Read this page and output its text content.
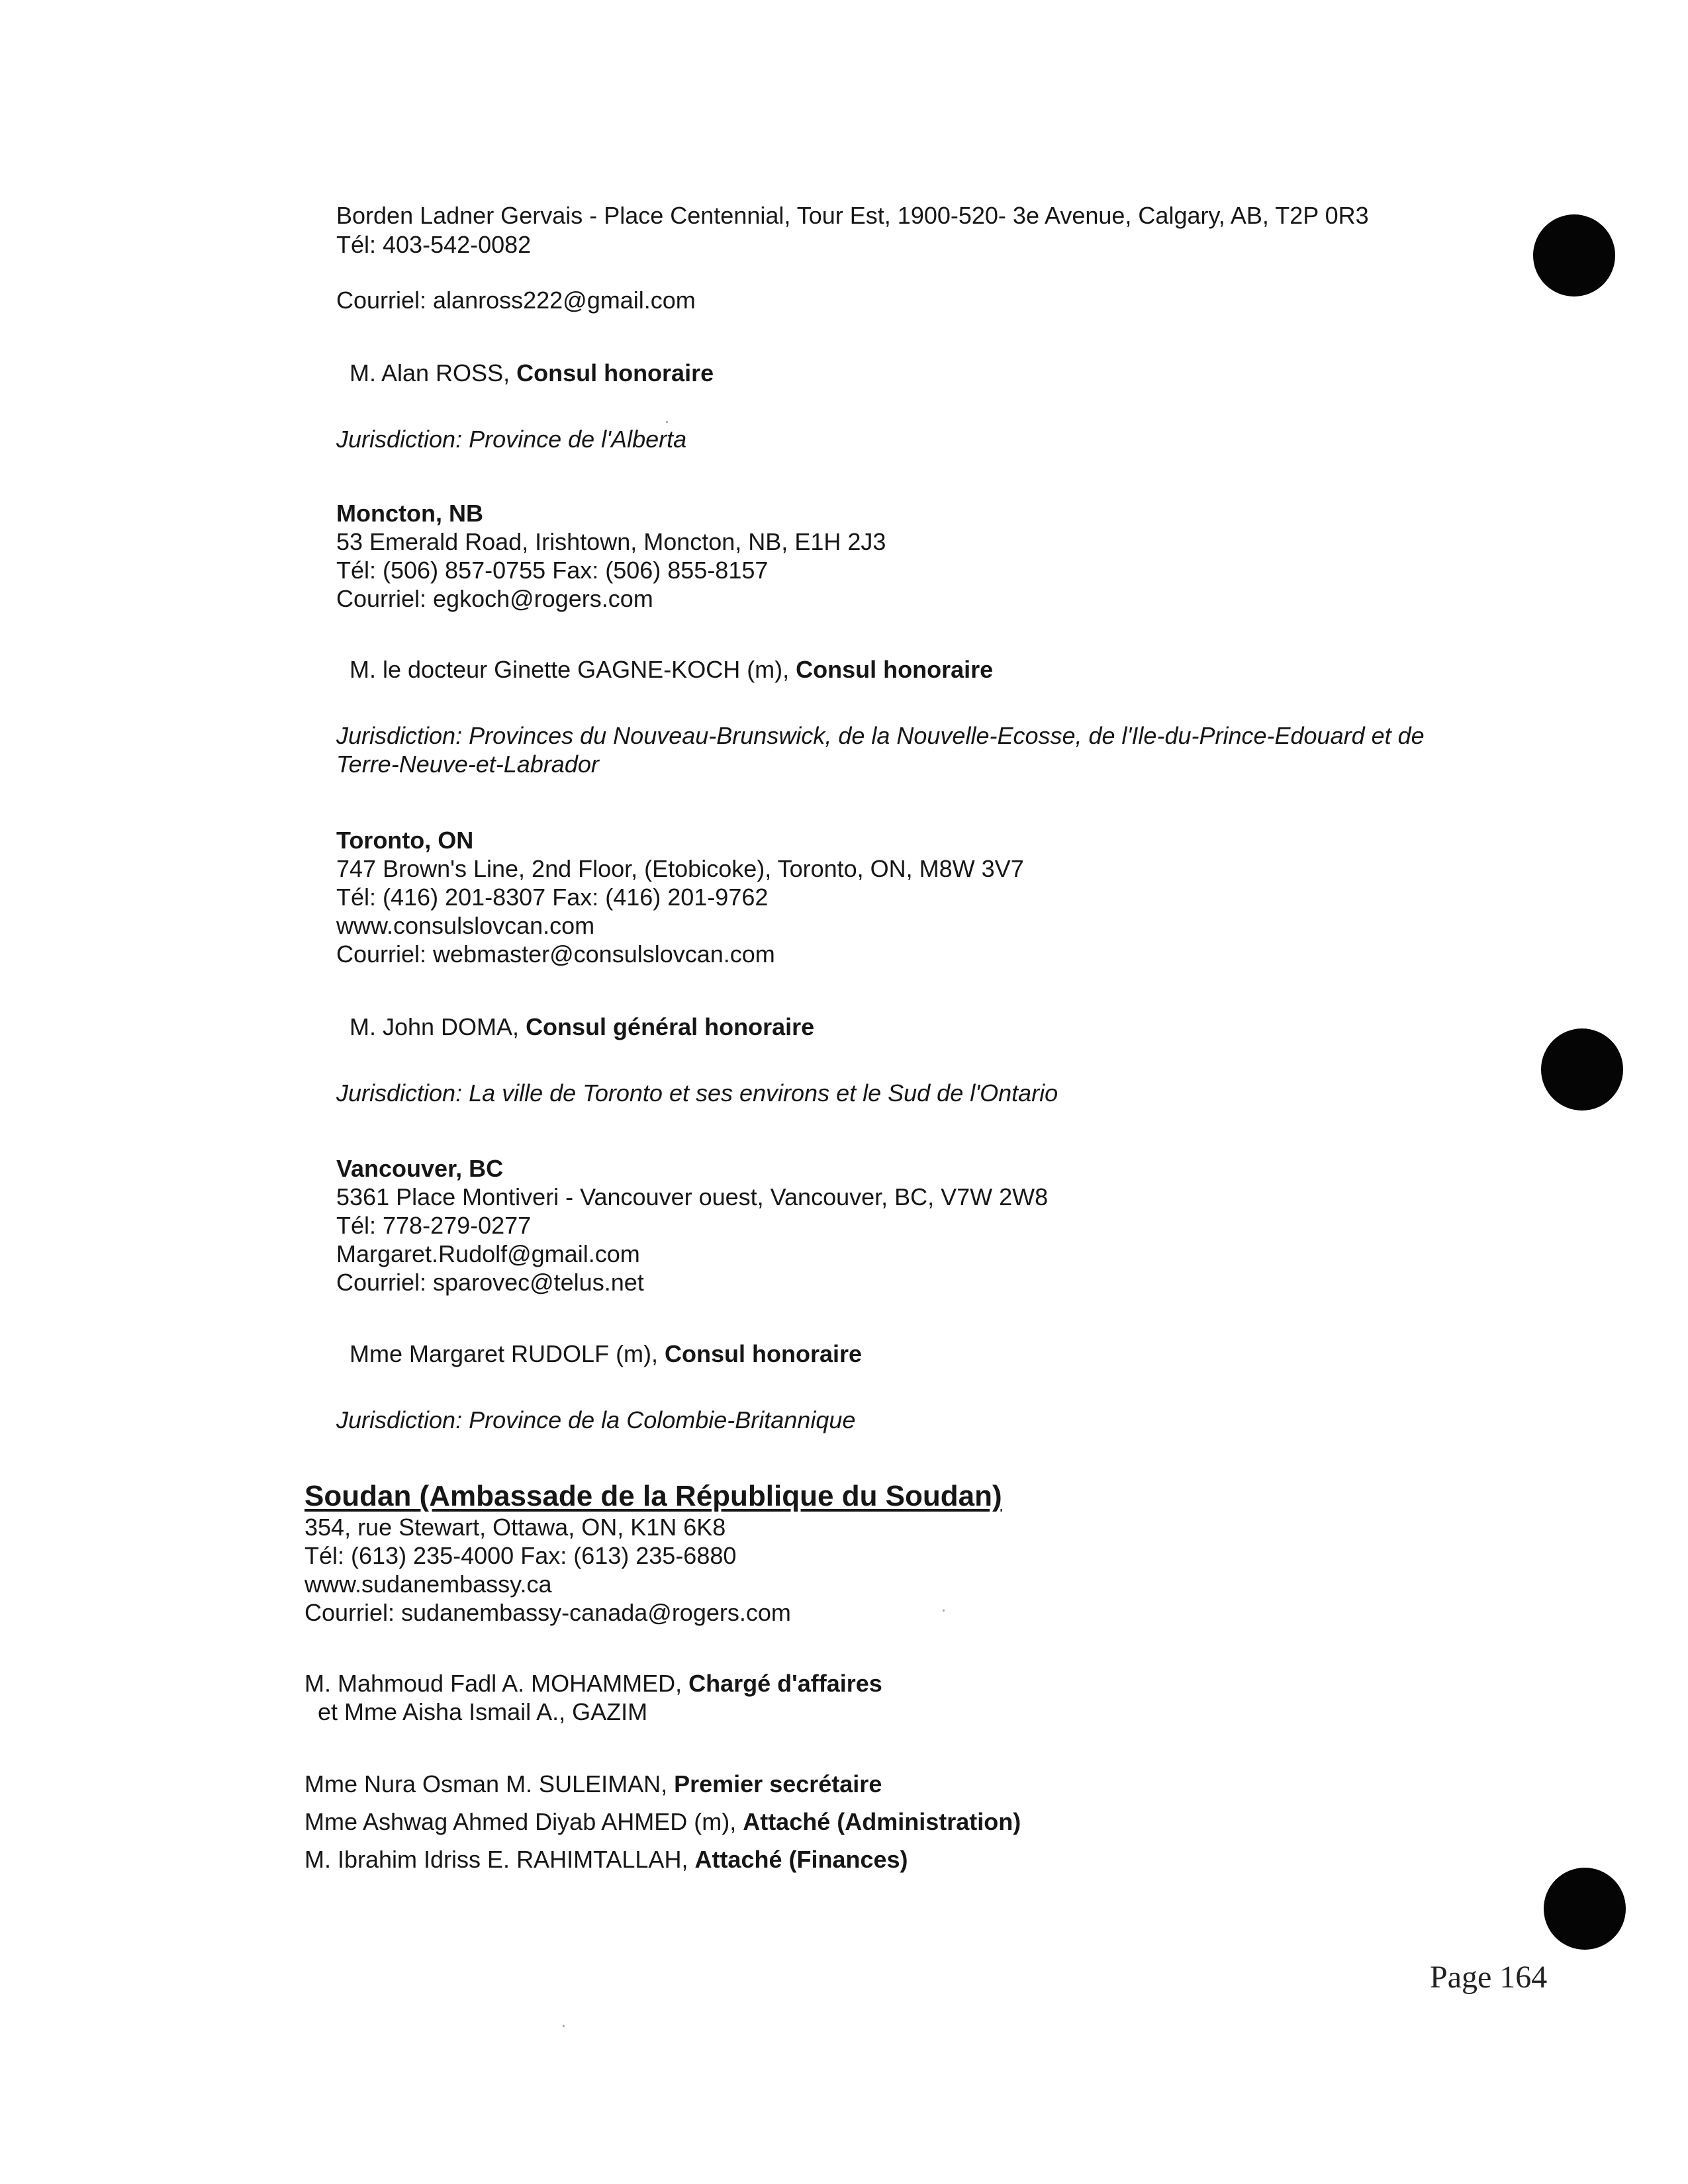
Borden Ladner Gervais - Place Centennial, Tour Est, 1900-520- 3e Avenue, Calgary, AB, T2P 0R3

Tél: 403-542-0082

Courriel: alanross222@gmail.com

M. Alan ROSS, Consul honoraire

Jurisdiction: Province de l'Alberta

Moncton, NB

53 Emerald Road, Irishtown, Moncton, NB, E1H 2J3

Tél: (506) 857-0755 Fax: (506) 855-8157

Courriel: egkoch@rogers.com

M. le docteur Ginette GAGNE-KOCH (m), Consul honoraire

Jurisdiction: Provinces du Nouveau-Brunswick, de la Nouvelle-Ecosse, de l'Ile-du-Prince-Edouard et de

Terre-Neuve-et-Labrador

Toronto, ON

747 Brown's Line, 2nd Floor, (Etobicoke), Toronto, ON, M8W 3V7

Tél: (416) 201-8307 Fax: (416) 201-9762

www.consulslovcan.com

Courriel: webmaster@consulslovcan.com

M. John DOMA, Consul général honoraire

Jurisdiction: La ville de Toronto et ses environs et le Sud de l'Ontario

Vancouver, BC

5361 Place Montiveri - Vancouver ouest, Vancouver, BC, V7W 2W8

Tél: 778-279-0277

Margaret.Rudolf@gmail.com

Courriel: sparovec@telus.net

Mme Margaret RUDOLF (m), Consul honoraire

Jurisdiction: Province de la Colombie-Britannique

Soudan (Ambassade de la République du Soudan)

354, rue Stewart, Ottawa, ON, K1N 6K8

Tél: (613) 235-4000 Fax: (613) 235-6880

www.sudanembassy.ca

Courriel: sudanembassy-canada@rogers.com

M. Mahmoud Fadl A. MOHAMMED, Chargé d'affaires

et Mme Aisha Ismail A., GAZIM

Mme Nura Osman M. SULEIMAN, Premier secrétaire

Mme Ashwag Ahmed Diyab AHMED (m), Attaché (Administration)

M. Ibrahim Idriss E. RAHIMTALLAH, Attaché (Finances)

Page 164
